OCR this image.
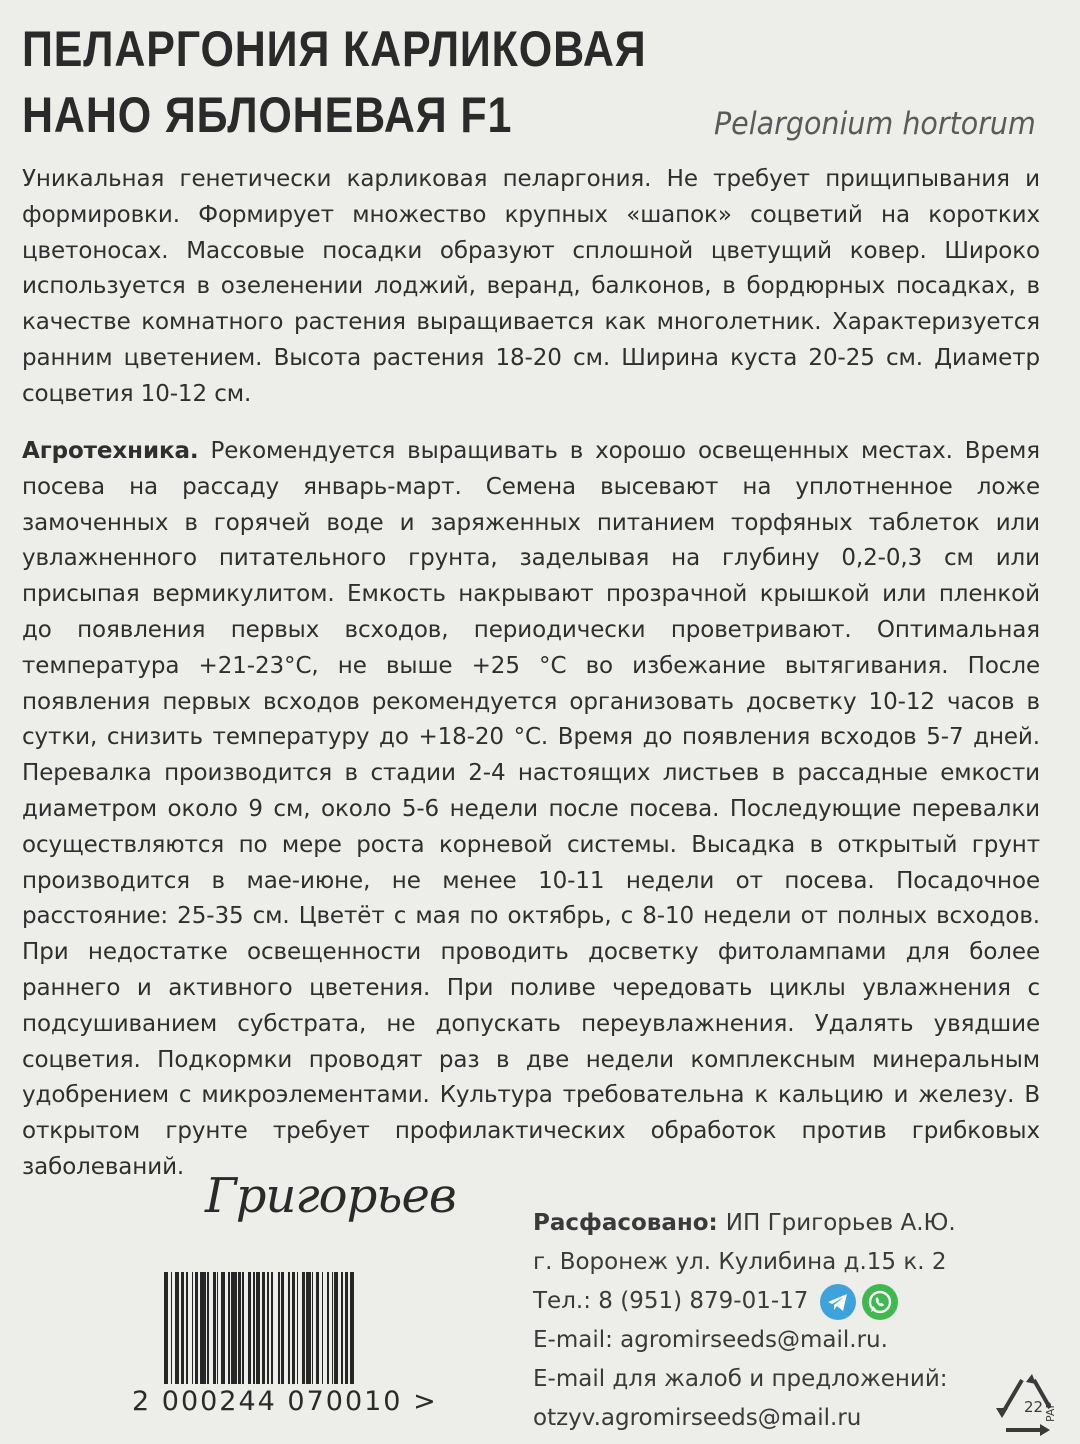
ПЕЛАРГОНИЯ КАРЛИКОВАЯ
НАНО ЯБЛОНЕВАЯ F1	Pelargonium hortorum

Уникальная генетически карликовая пеларгония. Не требует прищипывания и формировки. Формирует множество крупных «шапок» соцветий на коротких цветоносах. Массовые посадки образуют сплошной цветущий ковер. Широко используется в озеленении лоджий, веранд, балконов, в бордюрных посадках, в качестве комнатного растения выращивается как многолетник. Характеризуется ранним цветением. Высота растения 18-20 см. Ширина куста 20-25 см. Диаметр соцветия 10-12 см.

Агротехника. Рекомендуется выращивать в хорошо освещенных местах. Время посева на рассаду январь-март. Семена высевают на уплотненное ложе замоченных в горячей воде и заряженных питанием торфяных таблеток или увлажненного питательного грунта, заделывая на глубину 0,2-0,3 см или присыпая вермикулитом. Емкость накрывают прозрачной крышкой или пленкой до появления первых всходов, периодически проветривают. Оптимальная температура +21-23°С, не выше +25 °С во избежание вытягивания. После появления первых всходов рекомендуется организовать досветку 10-12 часов в сутки, снизить температуру до +18-20 °С. Время до появления всходов 5-7 дней. Перевалка производится в стадии 2-4 настоящих листьев в рассадные емкости диаметром около 9 см, около 5-6 недели после посева. Последующие перевалки осуществляются по мере роста корневой системы. Высадка в открытый грунт производится в мае-июне, не менее 10-11 недели от посева. Посадочное расстояние: 25-35 см. Цветёт с мая по октябрь, с 8-10 недели от полных всходов. При недостатке освещенности проводить досветку фитолампами для более раннего и активного цветения. При поливе чередовать циклы увлажнения с подсушиванием субстрата, не допускать переувлажнения. Удалять увядшие соцветия. Подкормки проводят раз в две недели комплексным минеральным удобрением с микроэлементами. Культура требовательна к кальцию и железу. В открытом грунте требует профилактических обработок против грибковых заболеваний.

Григорьев
2 000244 070010 >
Расфасовано: ИП Григорьев А.Ю.
г. Воронеж ул. Кулибина д.15 к. 2
Тел.: 8 (951) 879-01-17
E-mail: agromirseeds@mail.ru.
E-mail для жалоб и предложений:
otzyv.agromirseeds@mail.ru	22 PAP
